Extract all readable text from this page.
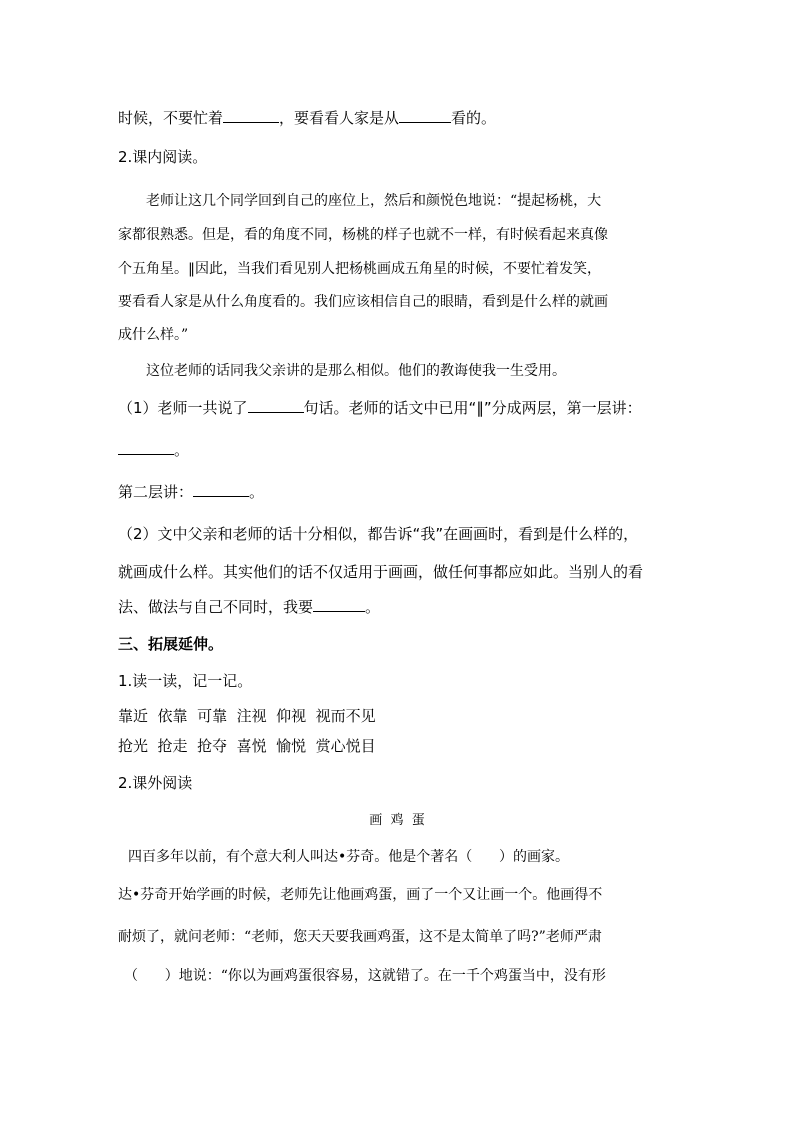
时候，不要忙着	，要看看人家是从	看的。
2.课内阅读。
老师让这几个同学回到自己的座位上，然后和颜悦色地说：“提起杨桃，大
家都很熟悉。但是，看的角度不同，杨桃的样子也就不一样，有时候看起来真像
个五角星。‖因此，当我们看见别人把杨桃画成五角星的时候，不要忙着发笑，
要看看人家是从什么角度看的。我们应该相信自己的眼睛，看到是什么样的就画
成什么样。”
这位老师的话同我父亲讲的是那么相似。他们的教诲使我一生受用。
（1）老师一共说了	句话。老师的话文中已用“‖”分成两层，第一层讲：
。
第二层讲：	。
（2）文中父亲和老师的话十分相似，都告诉“我”在画画时，看到是什么样的，
就画成什么样。其实他们的话不仅适用于画画，做任何事都应如此。当别人的看
法、做法与自己不同时，我要	。
三、拓展延伸。
1.读一读，记一记。
靠近  依靠  可靠  注视  仰视  视而不见
抢光  抢走  抢夺  喜悦  愉悦  赏心悦目
2.课外阅读
画  鸡  蛋
四百多年以前，有个意大利人叫达•芬奇。他是个著名（      ）的画家。
达•芬奇开始学画的时候，老师先让他画鸡蛋，画了一个又让画一个。他画得不
耐烦了，就问老师：“老师，您天天要我画鸡蛋，这不是太简单了吗?”老师严肃
（      ）地说：“你以为画鸡蛋很容易，这就错了。在一千个鸡蛋当中，没有形
